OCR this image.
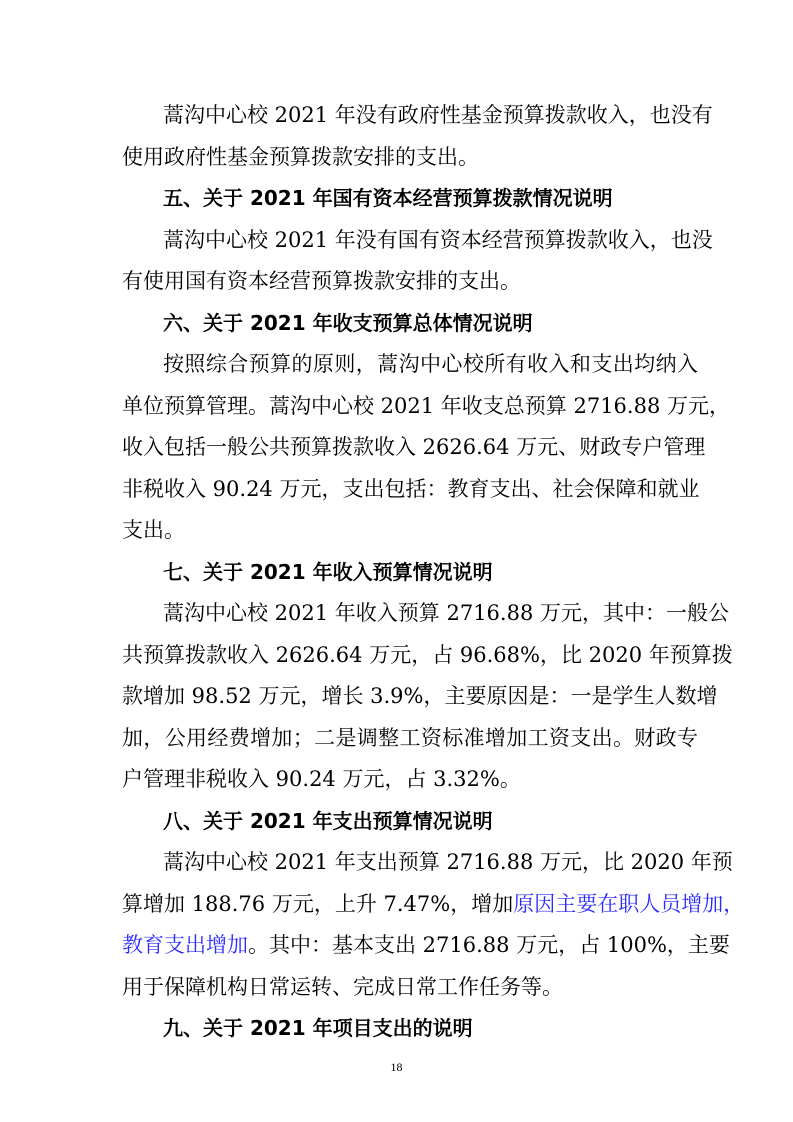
蒿沟中心校 2021 年没有政府性基金预算拨款收入，也没有
使用政府性基金预算拨款安排的支出。
五、关于 2021 年国有资本经营预算拨款情况说明
蒿沟中心校 2021 年没有国有资本经营预算拨款收入，也没
有使用国有资本经营预算拨款安排的支出。
六、关于 2021 年收支预算总体情况说明
按照综合预算的原则，蒿沟中心校所有收入和支出均纳入
单位预算管理。蒿沟中心校 2021 年收支总预算 2716.88 万元，
收入包括一般公共预算拨款收入 2626.64 万元、财政专户管理
非税收入 90.24 万元，支出包括：教育支出、社会保障和就业
支出。
七、关于 2021 年收入预算情况说明
蒿沟中心校 2021 年收入预算 2716.88 万元，其中：一般公
共预算拨款收入 2626.64 万元，占 96.68%，比 2020 年预算拨
款增加 98.52 万元，增长 3.9%，主要原因是：一是学生人数增
加，公用经费增加；二是调整工资标准增加工资支出。财政专
户管理非税收入 90.24 万元，占 3.32%。
八、关于 2021 年支出预算情况说明
蒿沟中心校 2021 年支出预算 2716.88 万元，比 2020 年预
算增加 188.76 万元，上升 7.47%，增加原因主要在职人员增加，
教育支出增加。其中：基本支出 2716.88 万元，占 100%，主要
用于保障机构日常运转、完成日常工作任务等。
九、关于 2021 年项目支出的说明
18
